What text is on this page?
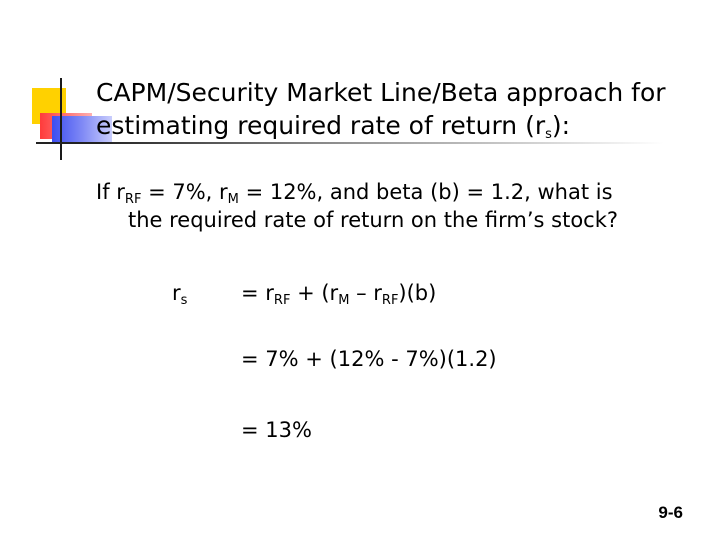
CAPM/Security Market Line/Beta approach for
estimating required rate of return $(r_s)$:
If $r_{RF} = 7\%$, $r_M = 12\%$, and beta (b) = 1.2, what is
the required rate of return on the firm’s stock?
$r_s$	= $r_{RF} + (r_M - r_{RF})(b)$
= 7% + (12% - 7%)(1.2)
= 13%
9-6
